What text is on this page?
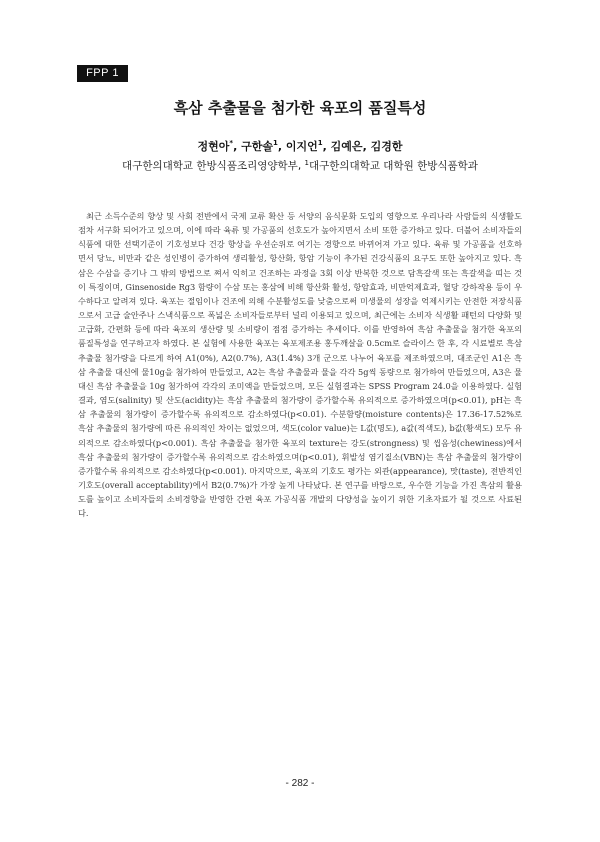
FPP 1
흑삼 추출물을 첨가한 육포의 품질특성
정현아*, 구한솔$^1$, 이지언$^1$, 김예은, 김경한
대구한의대학교 한방식품조리영양학부, $^1$대구한의대학교 대학원 한방식품학과
최근 소득수준의 향상 및 사회 전반에서 국제 교류 확산 등 서양의 음식문화 도입의 영향으로 우리나라 사람들의 식생활도 점차 서구화 되어가고 있으며, 이에 따라 육류 및 가공품의 선호도가 높아지면서 소비 또한 증가하고 있다. 더불어 소비자들의 식품에 대한 선택기준이 기호성보다 건강 향상을 우선순위로 여기는 경향으로 바뀌어져 가고 있다. 육류 및 가공품을 선호하면서 당뇨, 비만과 같은 성인병이 증가하여 생리활성, 항산화, 항암 기능이 추가된 건강식품의 요구도 또한 높아지고 있다. 흑삼은 수삼을 증기나 그 밖의 방법으로 쪄서 익히고 건조하는 과정을 3회 이상 반복한 것으로 담흑갈색 또는 흑갈색을 띠는 것이 특징이며, Ginsenoside Rg3 함량이 수삼 또는 홍삼에 비해 항산화 활성, 항암효과, 비만억제효과, 혈당 강하작용 등이 우수하다고 알려져 있다. 육포는 절임이나 건조에 의해 수분활성도를 낮춤으로써 미생물의 성장을 억제시키는 안전한 저장식품으로서 고급 술안주나 스낵식품으로 폭넓은 소비자들로부터 널리 이용되고 있으며, 최근에는 소비자 식생활 패턴의 다양화 및 고급화, 간편화 등에 따라 육포의 생산량 및 소비량이 점점 증가하는 추세이다. 이를 반영하여 흑삼 추출물을 첨가한 육포의 품질특성을 연구하고자 하였다. 본 실험에 사용한 육포는 육포제조용 홍두깨살을 0.5cm로 슬라이스 한 후, 각 시료별로 흑삼 추출물 첨가량을 다르게 하여 A1(0%), A2(0.7%), A3(1.4%) 3개 군으로 나누어 육포를 제조하였으며, 대조군인 A1은 흑삼 추출물 대신에 물10g을 첨가하여 만들었고, A2는 흑삼 추출물과 물을 각각 5g씩 동량으로 첨가하여 만들었으며, A3은 물 대신 흑삼 추출물을 10g 첨가하여 각각의 조미액을 만들었으며, 모든 실험결과는 SPSS Program 24.0을 이용하였다. 실험결과, 염도(salinity) 및 산도(acidity)는 흑삼 추출물의 첨가량이 증가할수록 유의적으로 증가하였으며(p<0.01), pH는 흑삼 추출물의 첨가량이 증가할수록 유의적으로 감소하였다(p<0.01). 수분함량(moisture contents)은 17.36-17.52%로 흑삼 추출물의 첨가량에 따른 유의적인 차이는 없었으며, 색도(color value)는 L값(명도), a값(적색도), b값(황색도) 모두 유의적으로 감소하였다(p<0.001). 흑삼 추출물을 첨가한 육포의 texture는 강도(strongness) 및 씹음성(chewiness)에서 흑삼 추출물의 첨가량이 증가할수록 유의적으로 감소하였으며(p<0.01), 휘발성 염기질소(VBN)는 흑삼 추출물의 첨가량이 증가할수록 유의적으로 감소하였다(p<0.001). 마지막으로, 육포의 기호도 평가는 외관(appearance), 맛(taste), 전반적인 기호도(overall acceptability)에서 B2(0.7%)가 가장 높게 나타났다. 본 연구를 바탕으로, 우수한 기능을 가진 흑삼의 활용도를 높이고 소비자들의 소비경향을 반영한 간편 육포 가공식품 개발의 다양성을 높이기 위한 기초자료가 될 것으로 사료된다.
- 282 -
